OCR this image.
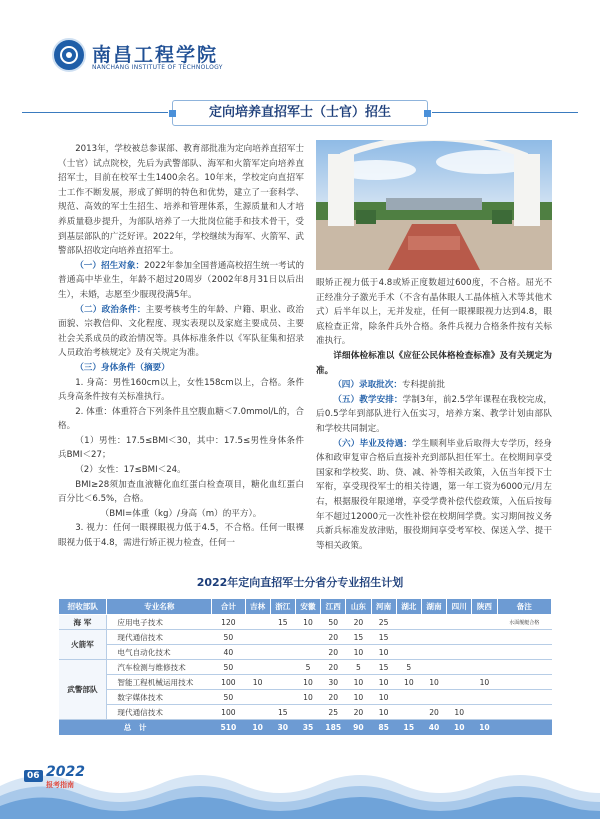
南昌工程学院
NANCHANG INSTITUTE OF TECHNOLOGY
定向培养直招军士（士官）招生

2013年，学校被总参谋部、教育部批准为定向培养直招军士（士官）试点院校，先后为武警部队、海军和火箭军定向培养直招军士，目前在校军士生1400余名。10年来，学校定向直招军士工作不断发展，形成了鲜明的特色和优势，建立了一套科学、规范、高效的军士生招生、培养和管理体系，生源质量和人才培养质量稳步提升，为部队培养了一大批岗位能手和技术骨干，受到基层部队的广泛好评。2022年，学校继续为海军、火箭军、武警部队招收定向培养直招军士。

（一）招生对象：2022年参加全国普通高校招生统一考试的普通高中毕业生，年龄不超过20周岁（2002年8月31日以后出生），未婚，志愿至少服现役满5年。

（二）政治条件：主要考核考生的年龄、户籍、职业、政治面貌、宗教信仰、文化程度、现实表现以及家庭主要成员、主要社会关系成员的政治情况等。具体标准条件以《军队征集和招录人员政治考核规定》及有关规定为准。

（三）身体条件（摘要）

1. 身高：男性160cm以上，女性158cm以上，合格。条件兵身高条件按有关标准执行。

2. 体重：体重符合下列条件且空腹血糖＜7.0mmol/L的，合格。

（1）男性：17.5≤BMI＜30，其中：17.5≤男性身体条件兵BMI＜27；

（2）女性：17≤BMI＜24。

BMI≥28须加查血液糖化血红蛋白检查项目，糖化血红蛋白百分比＜6.5%，合格。

（BMI=体重（kg）/身高（m）的平方）。

3. 视力：任何一眼裸眼视力低于4.5，不合格。任何一眼裸眼视力低于4.8，需进行矫正视力检查，任何一

眼矫正视力低于4.8或矫正度数超过600度，不合格。屈光不正经准分子激光手术（不含有晶体眼人工晶体植入术等其他术式）后半年以上，无并发症，任何一眼裸眼视力达到4.8，眼底检查正常，除条件兵外合格。条件兵视力合格条件按有关标准执行。

详细体检标准以《应征公民体格检查标准》及有关规定为准。

（四）录取批次：专科提前批

（五）教学安排：学制3年，前2.5学年课程在我校完成，后0.5学年到部队进行入伍实习，培养方案、教学计划由部队和学校共同制定。

（六）毕业及待遇：学生顺利毕业后取得大专学历，经身体和政审复审合格后直接补充到部队担任军士。在校期间享受国家和学校奖、助、贷、减、补等相关政策，入伍当年授下士军衔，享受现役军士的相关待遇，第一年工资为6000元/月左右，根据服役年限递增，享受学费补偿代偿政策，入伍后按每年不超过12000元一次性补偿在校期间学费。实习期间按义务兵新兵标准发放津贴，服役期间享受考军校、保送入学、提干等相关政策。

2022年定向直招军士分省分专业招生计划
招收部队	专业名称	合计	吉林	浙江	安徽	江西	山东	河南	湖北	湖南	四川	陕西	备注
海 军	应用电子技术	120		15	10	50	20	25					水面舰艇合格
火箭军	现代通信技术	50				20	15	15					
	电气自动化技术	40				20	10	10					
武警部队	汽车检测与维修技术	50			5	20	5	15	5				
	智能工程机械运用技术	100	10		10	30	10	10	10	10		10	
	数字媒体技术	50			10	20	10	10					
	现代通信技术	100		15		25	20	10		20	10		
总　计		510	10	30	35	185	90	85	15	40	10	10	
06 2022
报考指南
